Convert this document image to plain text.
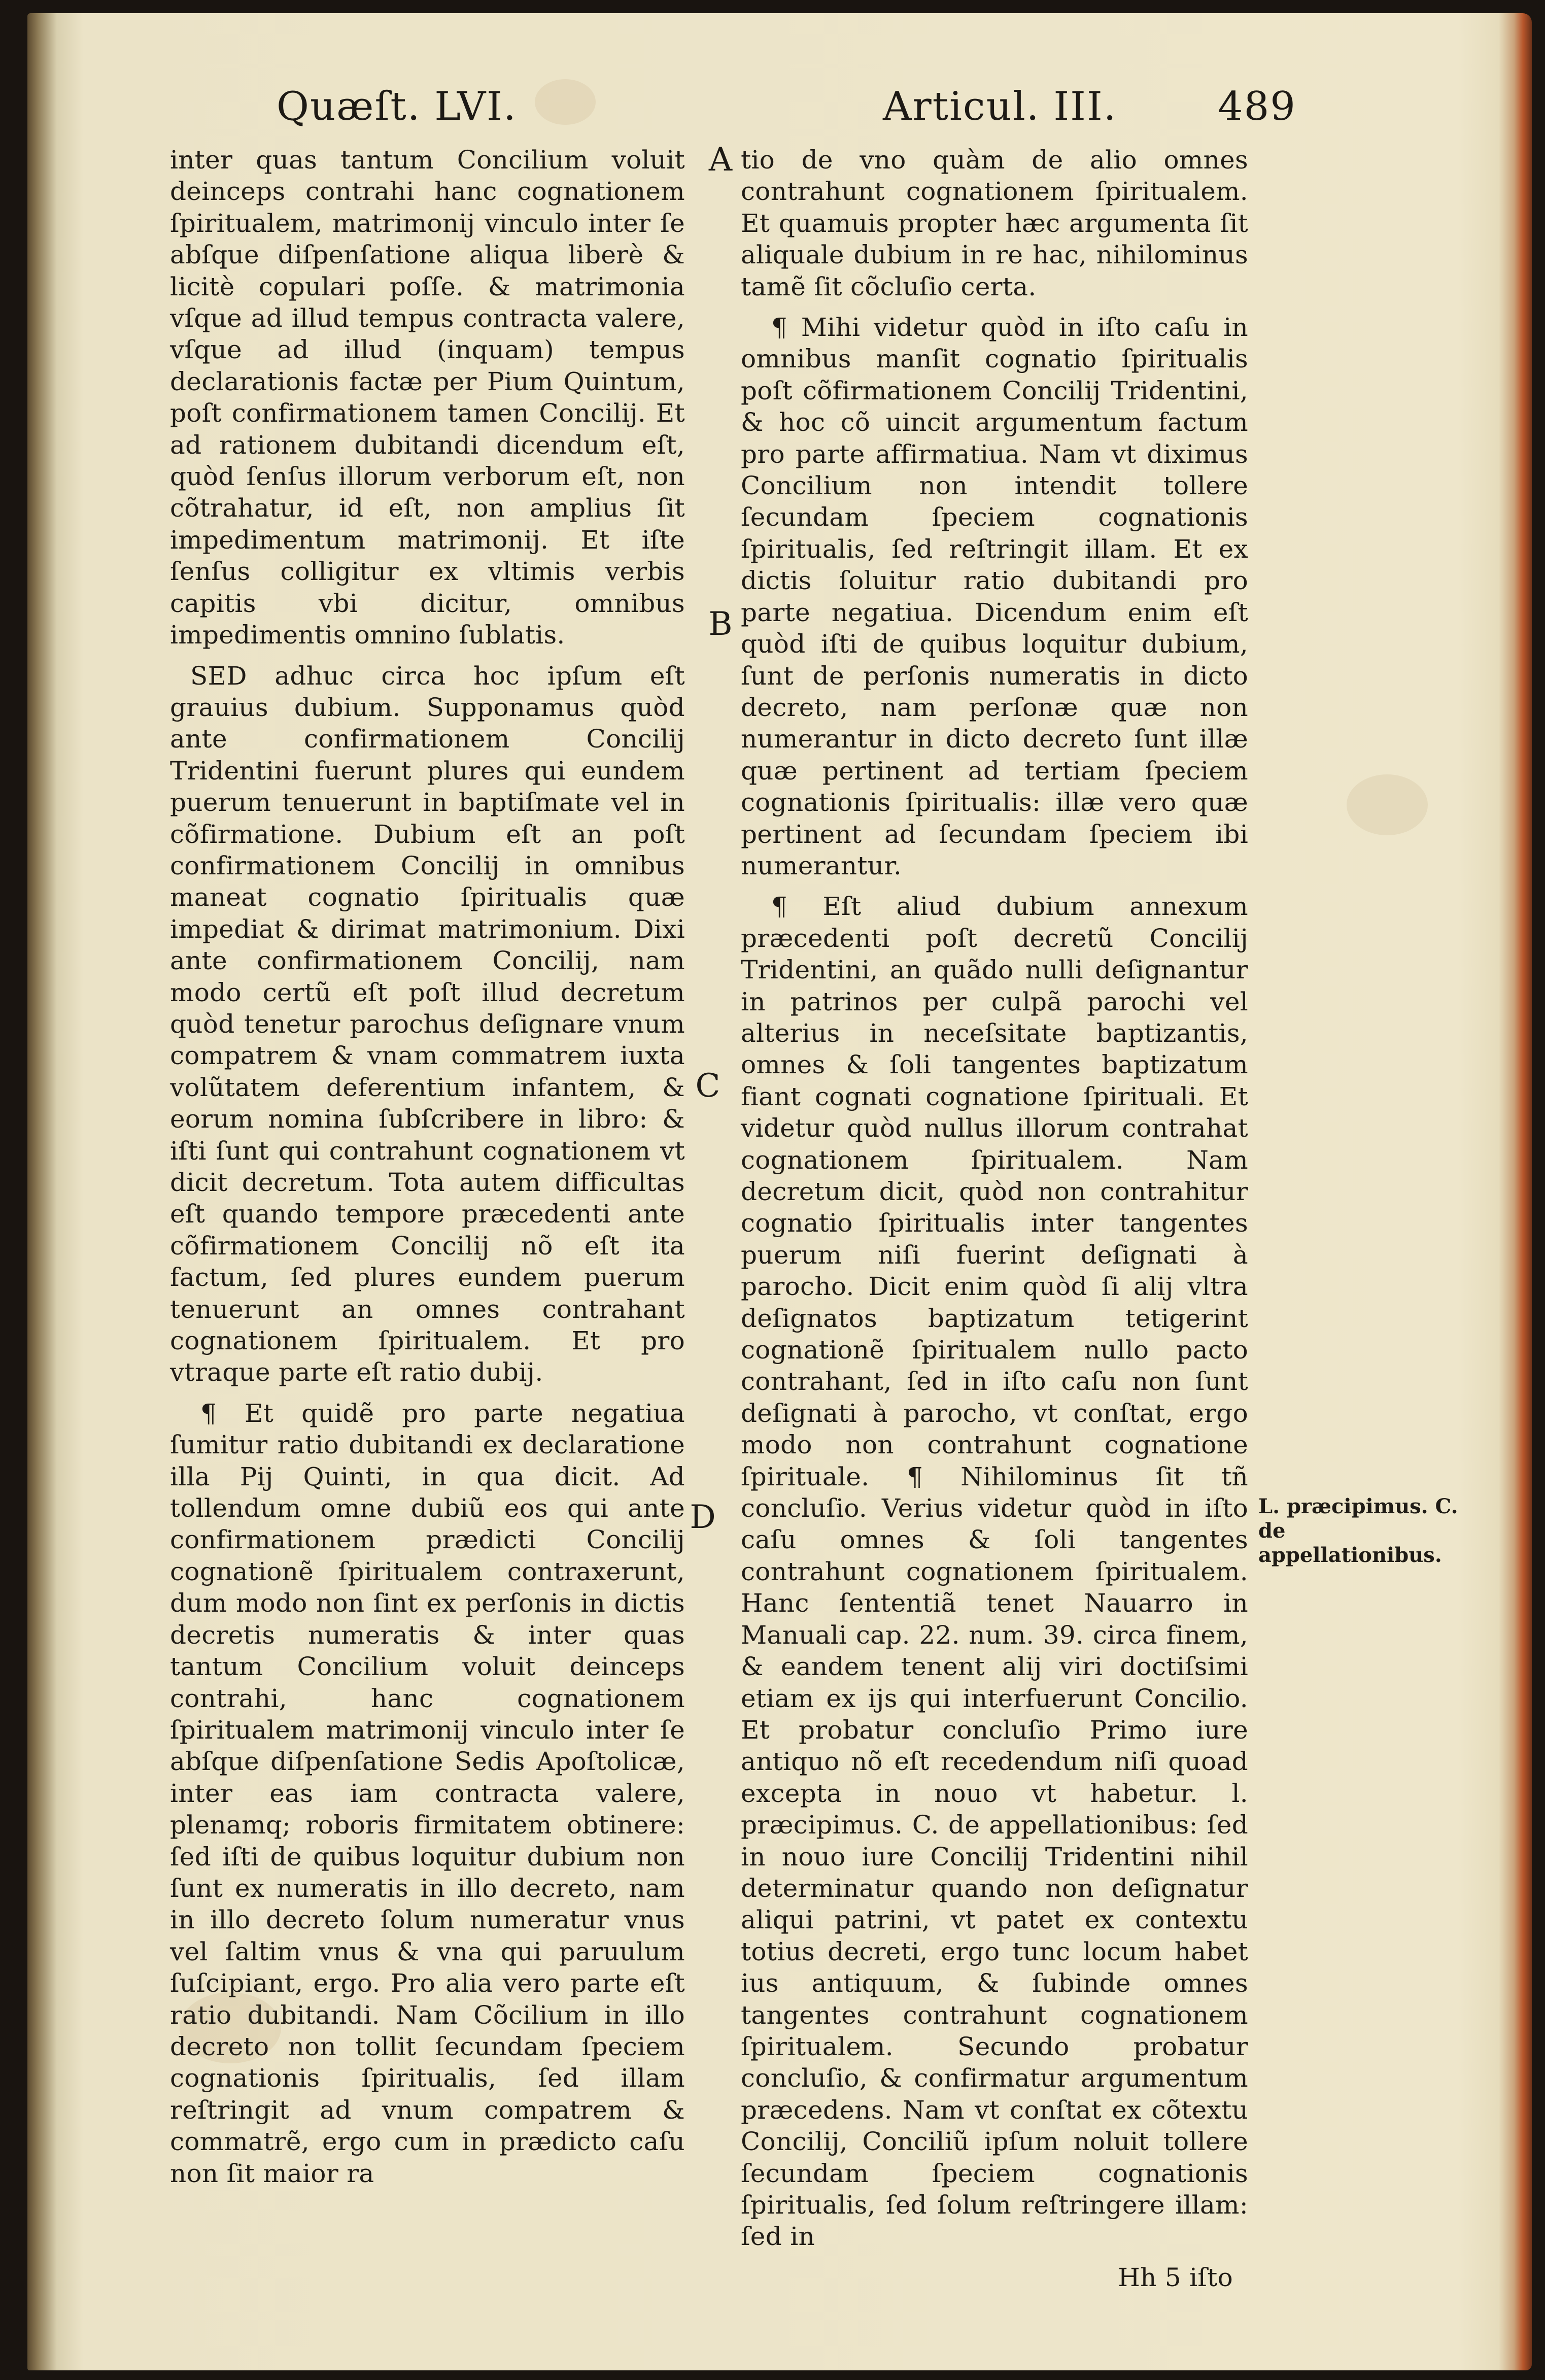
Quæſt. LVI.	Articul. III.	489

inter quas tantum Concilium voluit deinceps contrahi hanc cognationem ſpiritualem, matrimonij vinculo inter ſe abſque diſpenſatione aliqua liberè & licitè copulari poſſe. & matrimonia vſque ad illud tempus contracta valere, vſque ad illud (inquam) tempus declarationis factæ per Pium Quintum, poſt confirmationem tamen Concilij. Et ad rationem dubitandi dicendum eſt, quòd ſenſus illorum verborum eſt, non cõtrahatur, id eſt, non amplius ſit impedimentum matrimonij. Et iſte ſenſus colligitur ex vltimis verbis capitis vbi dicitur, omnibus impedimentis omnino ſublatis.

SED adhuc circa hoc ipſum eſt grauius dubium. Supponamus quòd ante confirmationem Concilij Tridentini fuerunt plures qui eundem puerum tenuerunt in baptiſmate vel in cõfirmatione. Dubium eſt an poſt confirmationem Concilij in omnibus maneat cognatio ſpiritualis quæ impediat & dirimat matrimonium. Dixi ante confirmationem Concilij, nam modo certũ eſt poſt illud decretum quòd tenetur parochus deſignare vnum compatrem & vnam commatrem iuxta volũtatem deferentium infantem, & eorum nomina ſubſcribere in libro: & iſti ſunt qui contrahunt cognationem vt dicit decretum. Tota autem difficultas eſt quando tempore præcedenti ante cõfirmationem Concilij nõ eſt ita factum, ſed plures eundem puerum tenuerunt an omnes contrahant cognationem ſpiritualem. Et pro vtraque parte eſt ratio dubij.

¶ Et quidẽ pro parte negatiua ſumitur ratio dubitandi ex declaratione illa Pij Quinti, in qua dicit. Ad tollendum omne dubiũ eos qui ante confirmationem prædicti Concilij cognationẽ ſpiritualem contraxerunt, dum modo non ſint ex perſonis in dictis decretis numeratis & inter quas tantum Concilium voluit deinceps contrahi, hanc cognationem ſpiritualem matrimonij vinculo inter ſe abſque diſpenſatione Sedis Apoſtolicæ, inter eas iam contracta valere, plenamq; roboris firmitatem obtinere: ſed iſti de quibus loquitur dubium non ſunt ex numeratis in illo decreto, nam in illo decreto ſolum numeratur vnus vel ſaltim vnus & vna qui paruulum ſuſcipiant, ergo. Pro alia vero parte eſt ratio dubitandi. Nam Cõcilium in illo decreto non tollit ſecundam ſpeciem cognationis ſpiritualis, ſed illam reſtringit ad vnum compatrem & commatrẽ, ergo cum in prædicto caſu non ſit maior ra

A
B
C
D

tio de vno quàm de alio omnes contrahunt cognationem ſpiritualem. Et quamuis propter hæc argumenta ſit aliquale dubium in re hac, nihilominus tamẽ ſit cõcluſio certa.

¶ Mihi videtur quòd in iſto caſu in omnibus manſit cognatio ſpiritualis poſt cõfirmationem Concilij Tridentini, & hoc cõ uincit argumentum factum pro parte affirmatiua. Nam vt diximus Concilium non intendit tollere ſecundam ſpeciem cognationis ſpiritualis, ſed reſtringit illam. Et ex dictis ſoluitur ratio dubitandi pro parte negatiua. Dicendum enim eſt quòd iſti de quibus loquitur dubium, ſunt de perſonis numeratis in dicto decreto, nam perſonæ quæ non numerantur in dicto decreto ſunt illæ quæ pertinent ad tertiam ſpeciem cognationis ſpiritualis: illæ vero quæ pertinent ad ſecundam ſpeciem ibi numerantur.

¶ Eſt aliud dubium annexum præcedenti poſt decretũ Concilij Tridentini, an quãdo nulli deſignantur in patrinos per culpã parochi vel alterius in neceſsitate baptizantis, omnes & ſoli tangentes baptizatum fiant cognati cognatione ſpirituali. Et videtur quòd nullus illorum contrahat cognationem ſpiritualem. Nam decretum dicit, quòd non contrahitur cognatio ſpiritualis inter tangentes puerum niſi fuerint deſignati à parocho. Dicit enim quòd ſi alij vltra deſignatos baptizatum tetigerint cognationẽ ſpiritualem nullo pacto contrahant, ſed in iſto caſu non ſunt deſignati à parocho, vt conſtat, ergo modo non contrahunt cognatione ſpirituale. ¶ Nihilominus ſit tñ concluſio. Verius videtur quòd in iſto caſu omnes & ſoli tangentes contrahunt cognationem ſpiritualem. Hanc ſententiã tenet Nauarro in Manuali cap. 22. num. 39. circa finem, & eandem tenent alij viri doctiſsimi etiam ex ijs qui interfuerunt Concilio. Et probatur concluſio Primo iure antiquo nõ eſt recedendum niſi quoad excepta in nouo vt habetur. l. præcipimus. C. de appellationibus: ſed in nouo iure Concilij Tridentini nihil determinatur quando non deſignatur aliqui patrini, vt patet ex contextu totius decreti, ergo tunc locum habet ius antiquum, & ſubinde omnes tangentes contrahunt cognationem ſpiritualem. Secundo probatur concluſio, & confirmatur argumentum præcedens. Nam vt conſtat ex cõtextu Concilij, Conciliũ ipſum noluit tollere ſecundam ſpeciem cognationis ſpiritualis, ſed ſolum reſtringere illam: ſed in

Hh 5 iſto
L. præcipimus. C. de appellationibus.
